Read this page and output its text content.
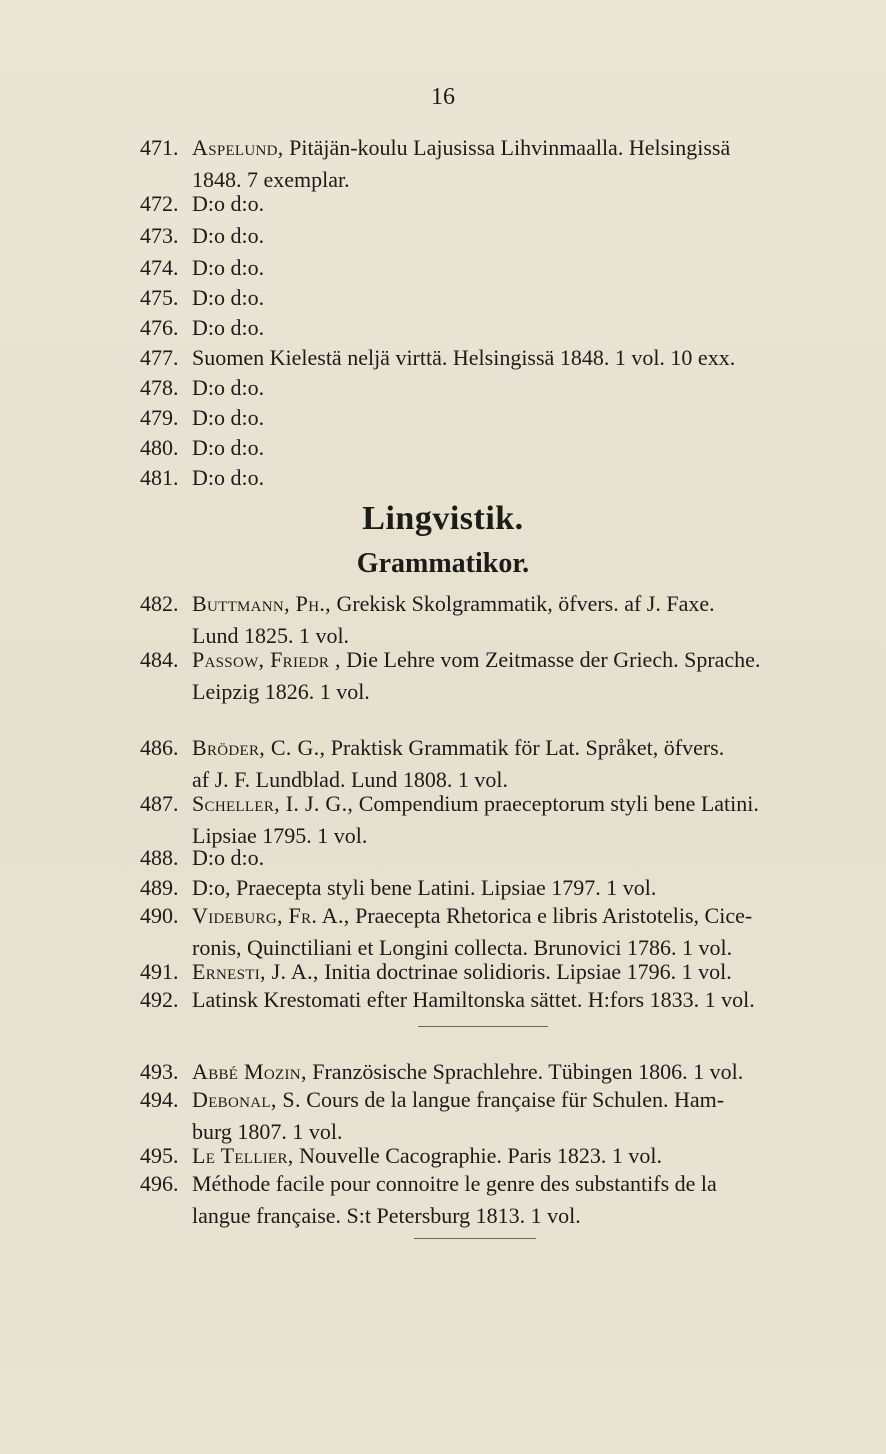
16
471. Aspelund, Pitäjän-koulu Lajusissa Lihvinmaalla. Helsingissä
1848. 7 exemplar.
472. D:o d:o.
473. D:o d:o.
474. D:o d:o.
475. D:o d:o.
476. D:o d:o.
477. Suomen Kielestä neljä virttä. Helsingissä 1848. 1 vol. 10 exx.
478. D:o d:o.
479. D:o d:o.
480. D:o d:o.
481. D:o d:o.
Lingvistik.
Grammatikor.
482. Buttmann, Ph., Grekisk Skolgrammatik, öfvers. af J. Faxe.
Lund 1825. 1 vol.
484. Passow, Friedr , Die Lehre vom Zeitmasse der Griech. Sprache.
Leipzig 1826. 1 vol.
486. Bröder, C. G., Praktisk Grammatik för Lat. Språket, öfvers.
af J. F. Lundblad. Lund 1808. 1 vol.
487. Scheller, I. J. G., Compendium praeceptorum styli bene Latini.
Lipsiae 1795. 1 vol.
488. D:o d:o.
489. D:o, Praecepta styli bene Latini. Lipsiae 1797. 1 vol.
490. Videburg, Fr. A., Praecepta Rhetorica e libris Aristotelis, Cice-
ronis, Quinctiliani et Longini collecta. Brunovici 1786. 1 vol.
491. Ernesti, J. A., Initia doctrinae solidioris. Lipsiae 1796. 1 vol.
492. Latinsk Krestomati efter Hamiltonska sättet. H:fors 1833. 1 vol.
493. Abbé Mozin, Französische Sprachlehre. Tübingen 1806. 1 vol.
494. Debonal, S. Cours de la langue française für Schulen. Ham-
burg 1807. 1 vol.
495. Le Tellier, Nouvelle Cacographie. Paris 1823. 1 vol.
496. Méthode facile pour connoitre le genre des substantifs de la
langue française. S:t Petersburg 1813. 1 vol.
